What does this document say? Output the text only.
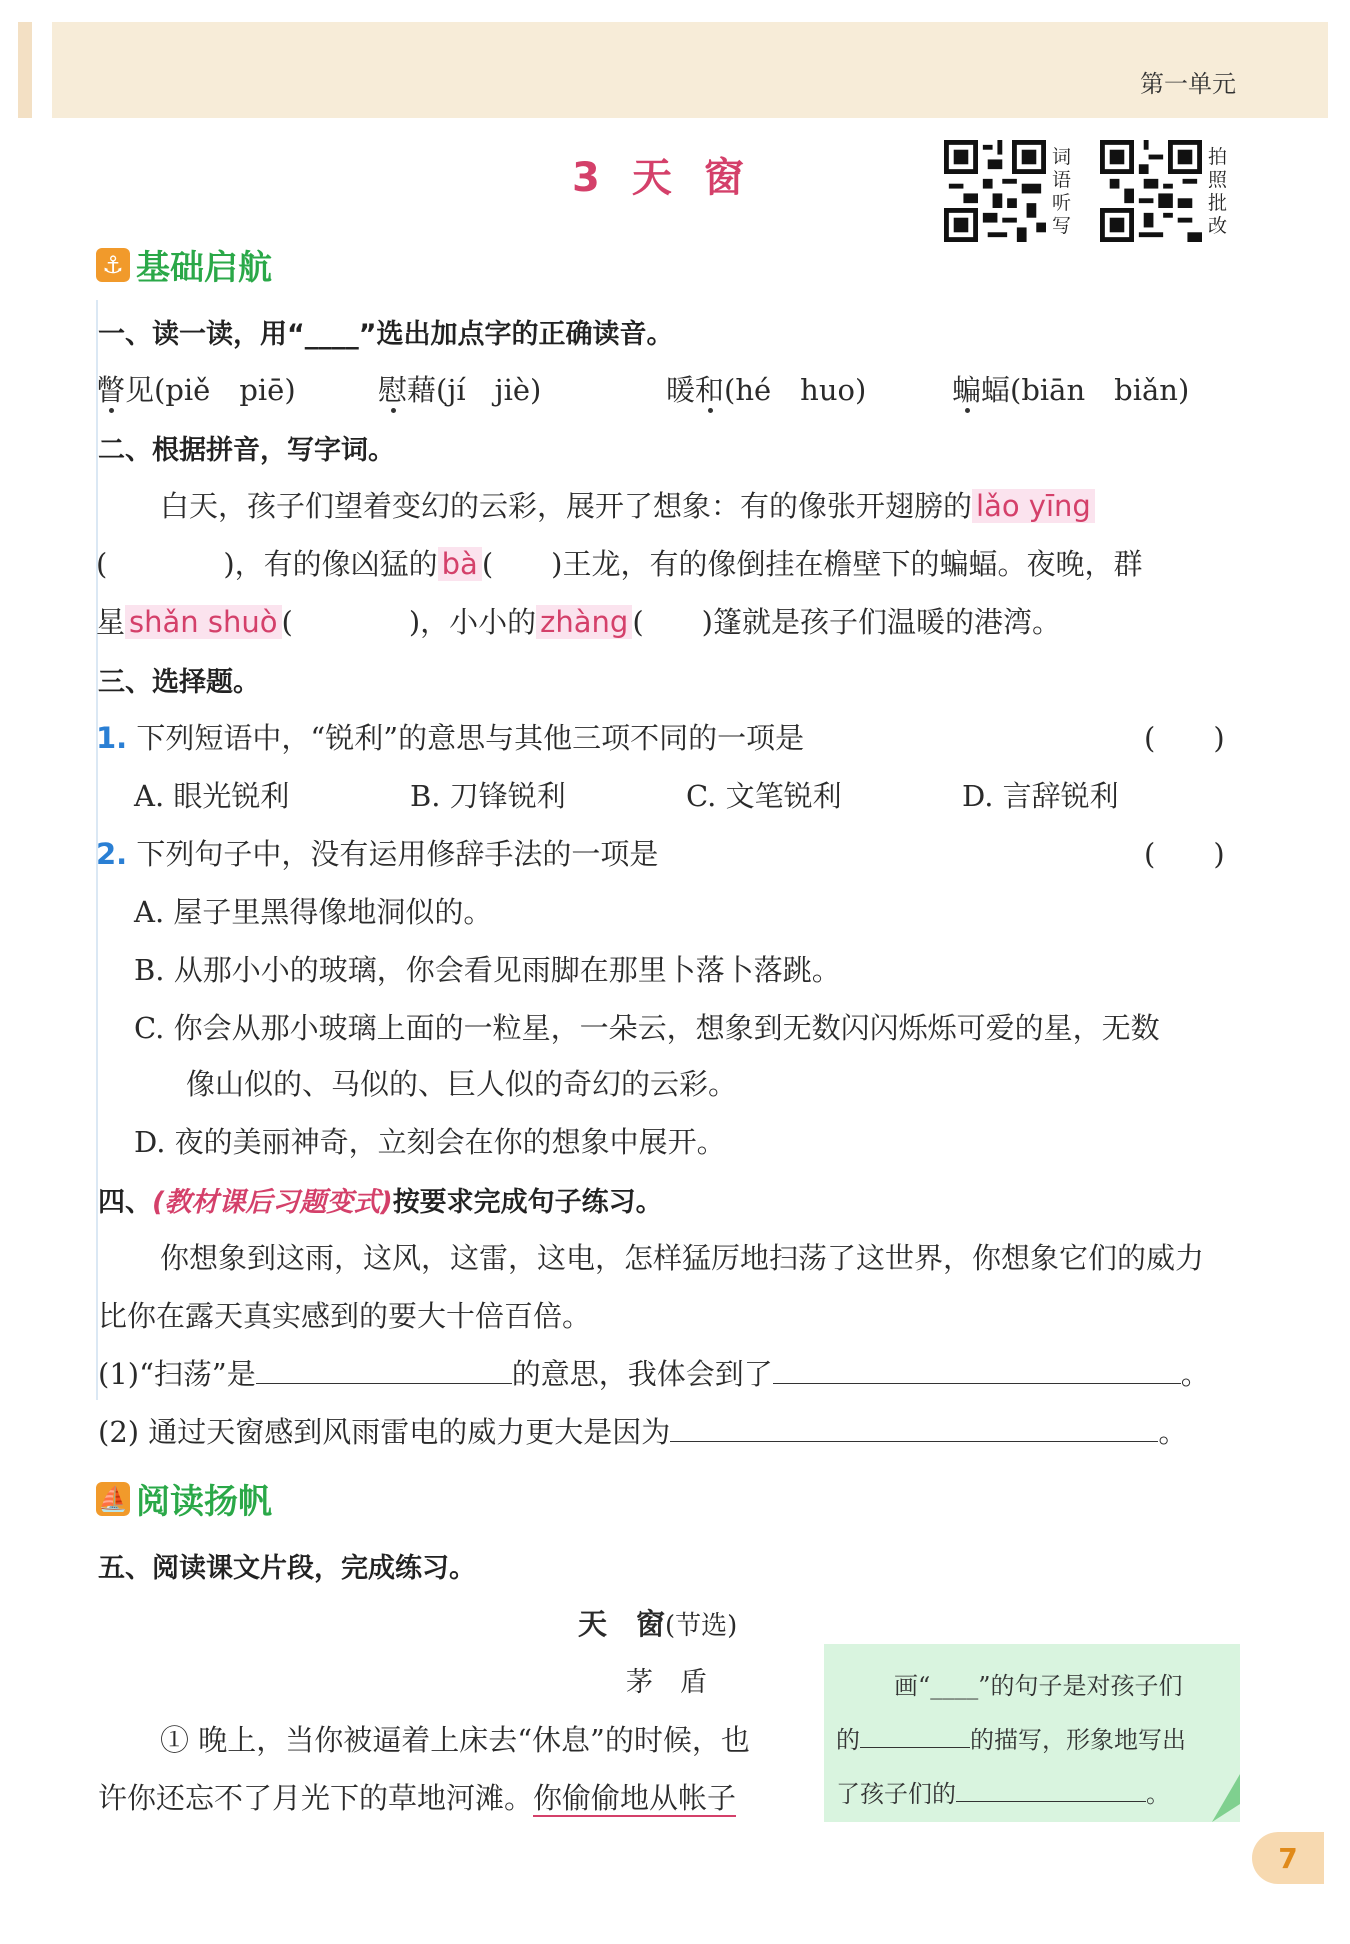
第一单元
3 天 窗	词语听写
拍照批改
⚓ 基础启航
一、读一读，用“____”选出加点字的正确读音。
瞥见(piě　piē)	慰藉(jí　jiè)	暖和(hé　huo)	蝙蝠(biān　biǎn)
二、根据拼音，写字词。
白天，孩子们望着变幻的云彩，展开了想象：有的像张开翅膀的 lǎo yīng
(　　　　)，有的像凶猛的 bà (　　)王龙，有的像倒挂在檐壁下的蝙蝠。夜晚，群
星 shǎn shuò (　　　　)，小小的 zhàng (　　)篷就是孩子们温暖的港湾。
三、选择题。
1. 下列短语中，“锐利”的意思与其他三项不同的一项是	(　　)
A. 眼光锐利	B. 刀锋锐利	C. 文笔锐利	D. 言辞锐利
2. 下列句子中，没有运用修辞手法的一项是	(　　)
A. 屋子里黑得像地洞似的。
B. 从那小小的玻璃，你会看见雨脚在那里卜落卜落跳。
C. 你会从那小玻璃上面的一粒星，一朵云，想象到无数闪闪烁烁可爱的星，无数
像山似的、马似的、巨人似的奇幻的云彩。
D. 夜的美丽神奇，立刻会在你的想象中展开。
四、(教材课后习题变式)按要求完成句子练习。
你想象到这雨，这风，这雷，这电，怎样猛厉地扫荡了这世界，你想象它们的威力
比你在露天真实感到的要大十倍百倍。
(1)“扫荡”是	的意思，我体会到了	。
(2) 通过天窗感到风雨雷电的威力更大是因为	。
⛵ 阅读扬帆
五、阅读课文片段，完成练习。
天　窗(节选)
茅　盾
① 晚上，当你被逼着上床去“休息”的时候，也
许你还忘不了月光下的草地河滩。你偷偷地从帐子
画“____”的句子是对孩子们
的	的描写，形象地写出
了孩子们的	。
7
